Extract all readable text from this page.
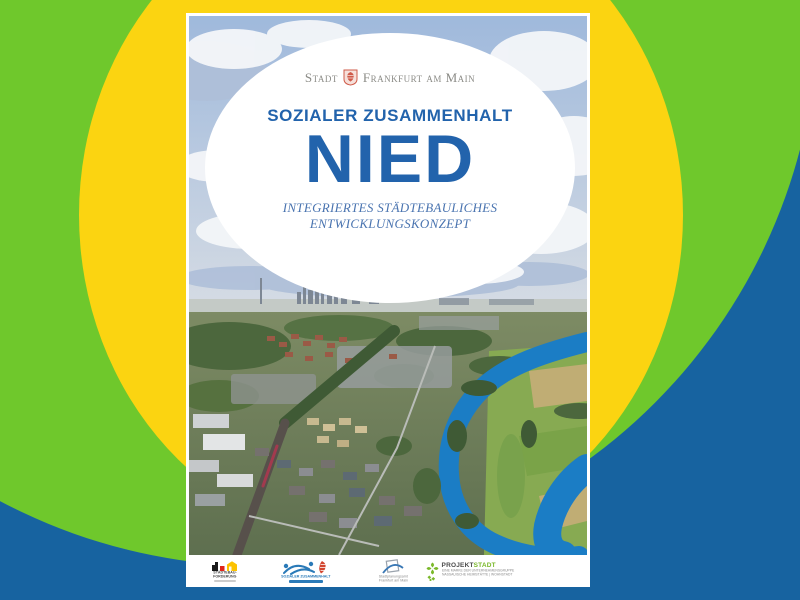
Stadt Frankfurt am Main
SOZIALER ZUSAMMENHALT
NIED
INTEGRIERTES STÄDTEBAULICHES
ENTWICKLUNGSKONZEPT
STÄDTEBAU-
FÖRDERUNG	SOZIALER ZUSAMMENHALT	Stadtplanungsamt
Frankfurt am Main
PROJEKTSTADT
EINE MARKE DER UNTERNEHMENSGRUPPE
NASSAUISCHE HEIMSTÄTTE | WOHNSTADT
